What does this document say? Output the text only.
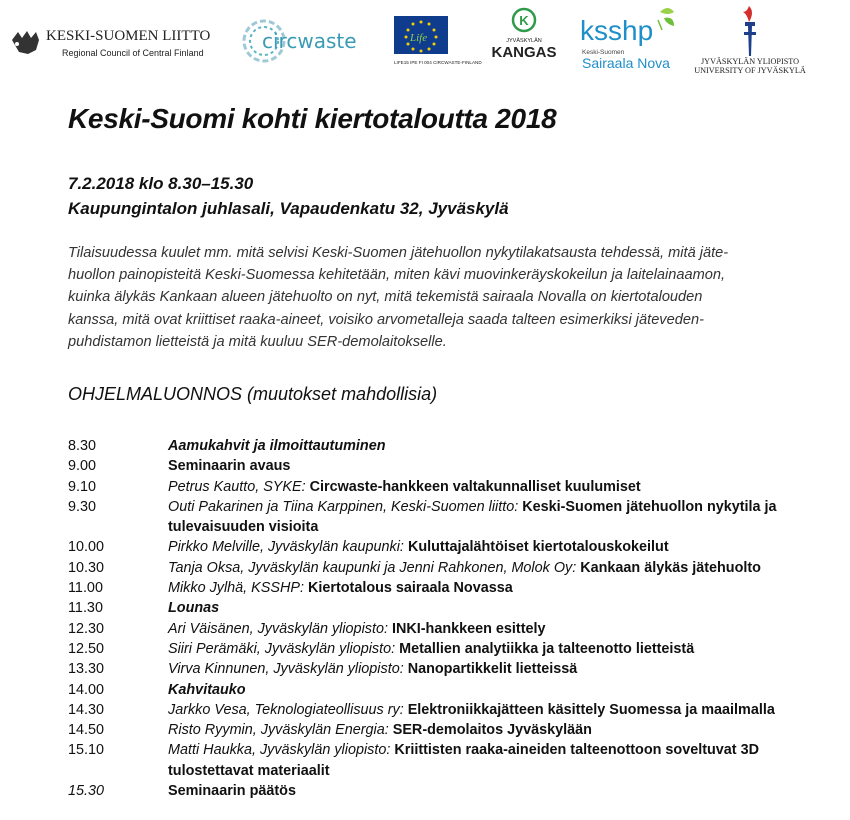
KESKI-SUOMEN LIITTO
Regional Council of Central Finland	circwaste	Life
LIFE15 IPE FI 004 CIRCWASTE-FINLAND
K
JYVÄSKYLÄN
KANGAS
ksshp
Keski-Suomen
Sairaala Nova	JYVÄSKYLÄN YLIOPISTO
UNIVERSITY OF JYVÄSKYLÄ
Keski-Suomi kohti kiertotaloutta 2018
7.2.2018 klo 8.30–15.30
Kaupungintalon juhlasali, Vapaudenkatu 32, Jyväskylä
Tilaisuudessa kuulet mm. mitä selvisi Keski-Suomen jätehuollon nykytilakatsausta tehdessä, mitä jäte-
huollon painopisteitä Keski-Suomessa kehitetään, miten kävi muovinkeräyskokeilun ja laitelainaamon,
kuinka älykäs Kankaan alueen jätehuolto on nyt, mitä tekemistä sairaala Novalla on kiertotalouden
kanssa, mitä ovat kriittiset raaka-aineet, voisiko arvometalleja saada talteen esimerkiksi jäteveden-
puhdistamon lietteistä ja mitä kuuluu SER-demolaitokselle.
OHJELMALUONNOS (muutokset mahdollisia)
8.30	Aamukahvit ja ilmoittautuminen
9.00	Seminaarin avaus
9.10	Petrus Kautto, SYKE: Circwaste-hankkeen valtakunnalliset kuulumiset
9.30	Outi Pakarinen ja Tiina Karppinen, Keski-Suomen liitto: Keski-Suomen jätehuollon nykytila ja tulevaisuuden visioita
10.00	Pirkko Melville, Jyväskylän kaupunki: Kuluttajalähtöiset kiertotalouskokeilut
10.30	Tanja Oksa, Jyväskylän kaupunki ja Jenni Rahkonen, Molok Oy: Kankaan älykäs jätehuolto
11.00	Mikko Jylhä, KSSHP: Kiertotalous sairaala Novassa
11.30	Lounas
12.30	Ari Väisänen, Jyväskylän yliopisto: INKI-hankkeen esittely
12.50	Siiri Perämäki, Jyväskylän yliopisto: Metallien analytiikka ja talteenotto lietteistä
13.30	Virva Kinnunen, Jyväskylän yliopisto: Nanopartikkelit lietteissä
14.00	Kahvitauko
14.30	Jarkko Vesa, Teknologiateollisuus ry: Elektroniikkajätteen käsittely Suomessa ja maailmalla
14.50	Risto Ryymin, Jyväskylän Energia: SER-demolaitos Jyväskylään
15.10	Matti Haukka, Jyväskylän yliopisto: Kriittisten raaka-aineiden talteenottoon soveltuvat 3D tulostettavat materiaalit
15.30	Seminaarin päätös
